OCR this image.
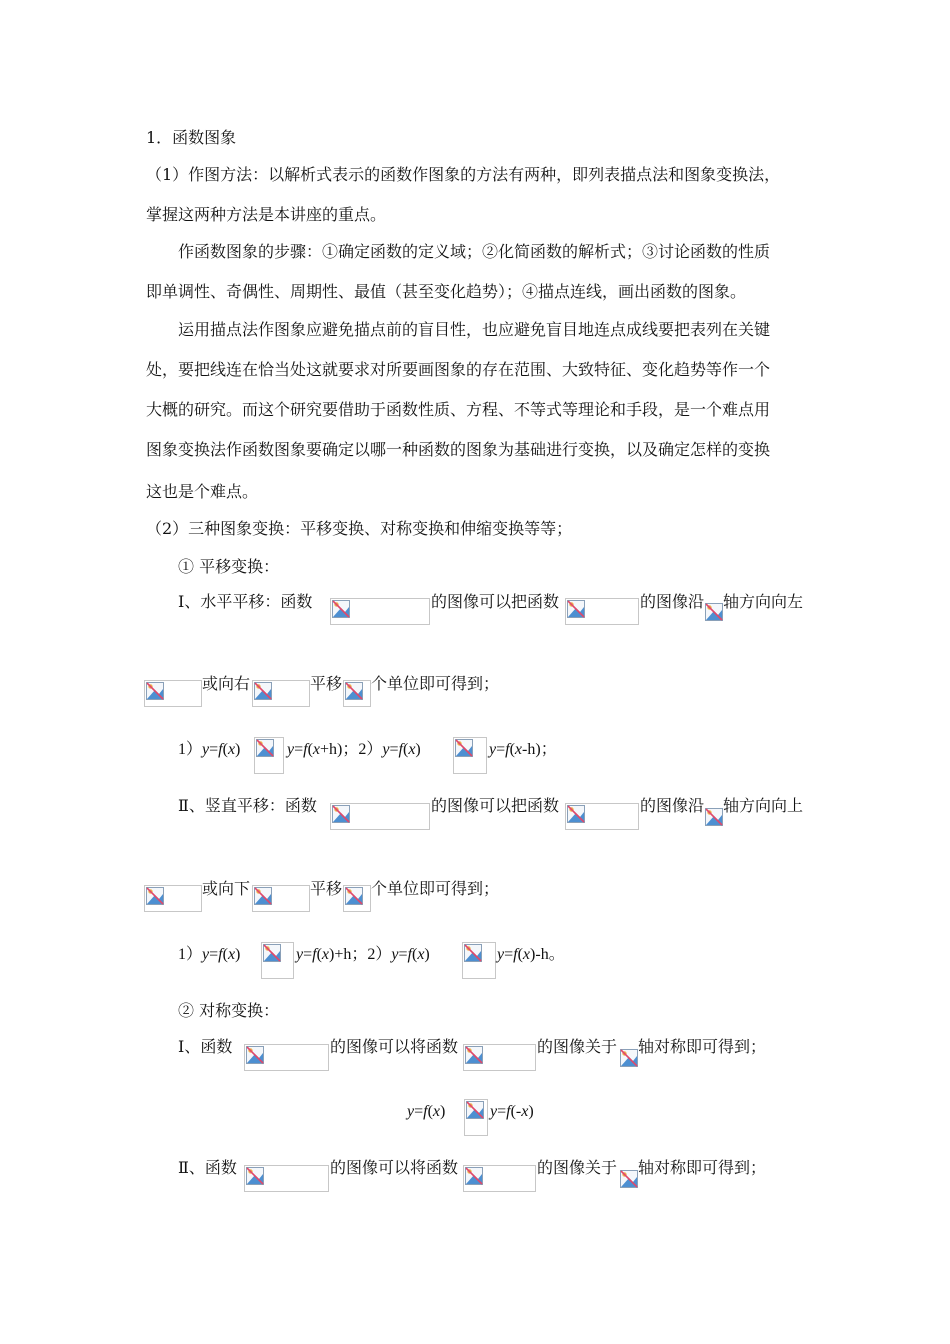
1．函数图象
（1）作图方法：以解析式表示的函数作图象的方法有两种，即列表描点法和图象变换法，
掌握这两种方法是本讲座的重点。
作函数图象的步骤：①确定函数的定义域；②化简函数的解析式；③讨论函数的性质
即单调性、奇偶性、周期性、最值（甚至变化趋势）；④描点连线，画出函数的图象。
运用描点法作图象应避免描点前的盲目性，也应避免盲目地连点成线要把表列在关键
处，要把线连在恰当处这就要求对所要画图象的存在范围、大致特征、变化趋势等作一个
大概的研究。而这个研究要借助于函数性质、方程、不等式等理论和手段，是一个难点用
图象变换法作函数图象要确定以哪一种函数的图象为基础进行变换，以及确定怎样的变换
这也是个难点。
（2）三种图象变换：平移变换、对称变换和伸缩变换等等；
① 平移变换：
Ⅰ、水平平移：函数	的图像可以把函数	的图像沿 轴方向向左
或向右	平移 个单位即可得到；
1）y=f(x)	y=f(x+h)；2）y=f(x)	y=f(x-h)；
Ⅱ、竖直平移：函数	的图像可以把函数	的图像沿 轴方向向上
或向下	平移 个单位即可得到；
1）y=f(x)	y=f(x)+h；2）y=f(x)	y=f(x)-h。
② 对称变换：
Ⅰ、函数	的图像可以将函数	的图像关于 轴对称即可得到；
y=f(x)	y=f(-x)
Ⅱ、函数	的图像可以将函数	的图像关于 轴对称即可得到；
